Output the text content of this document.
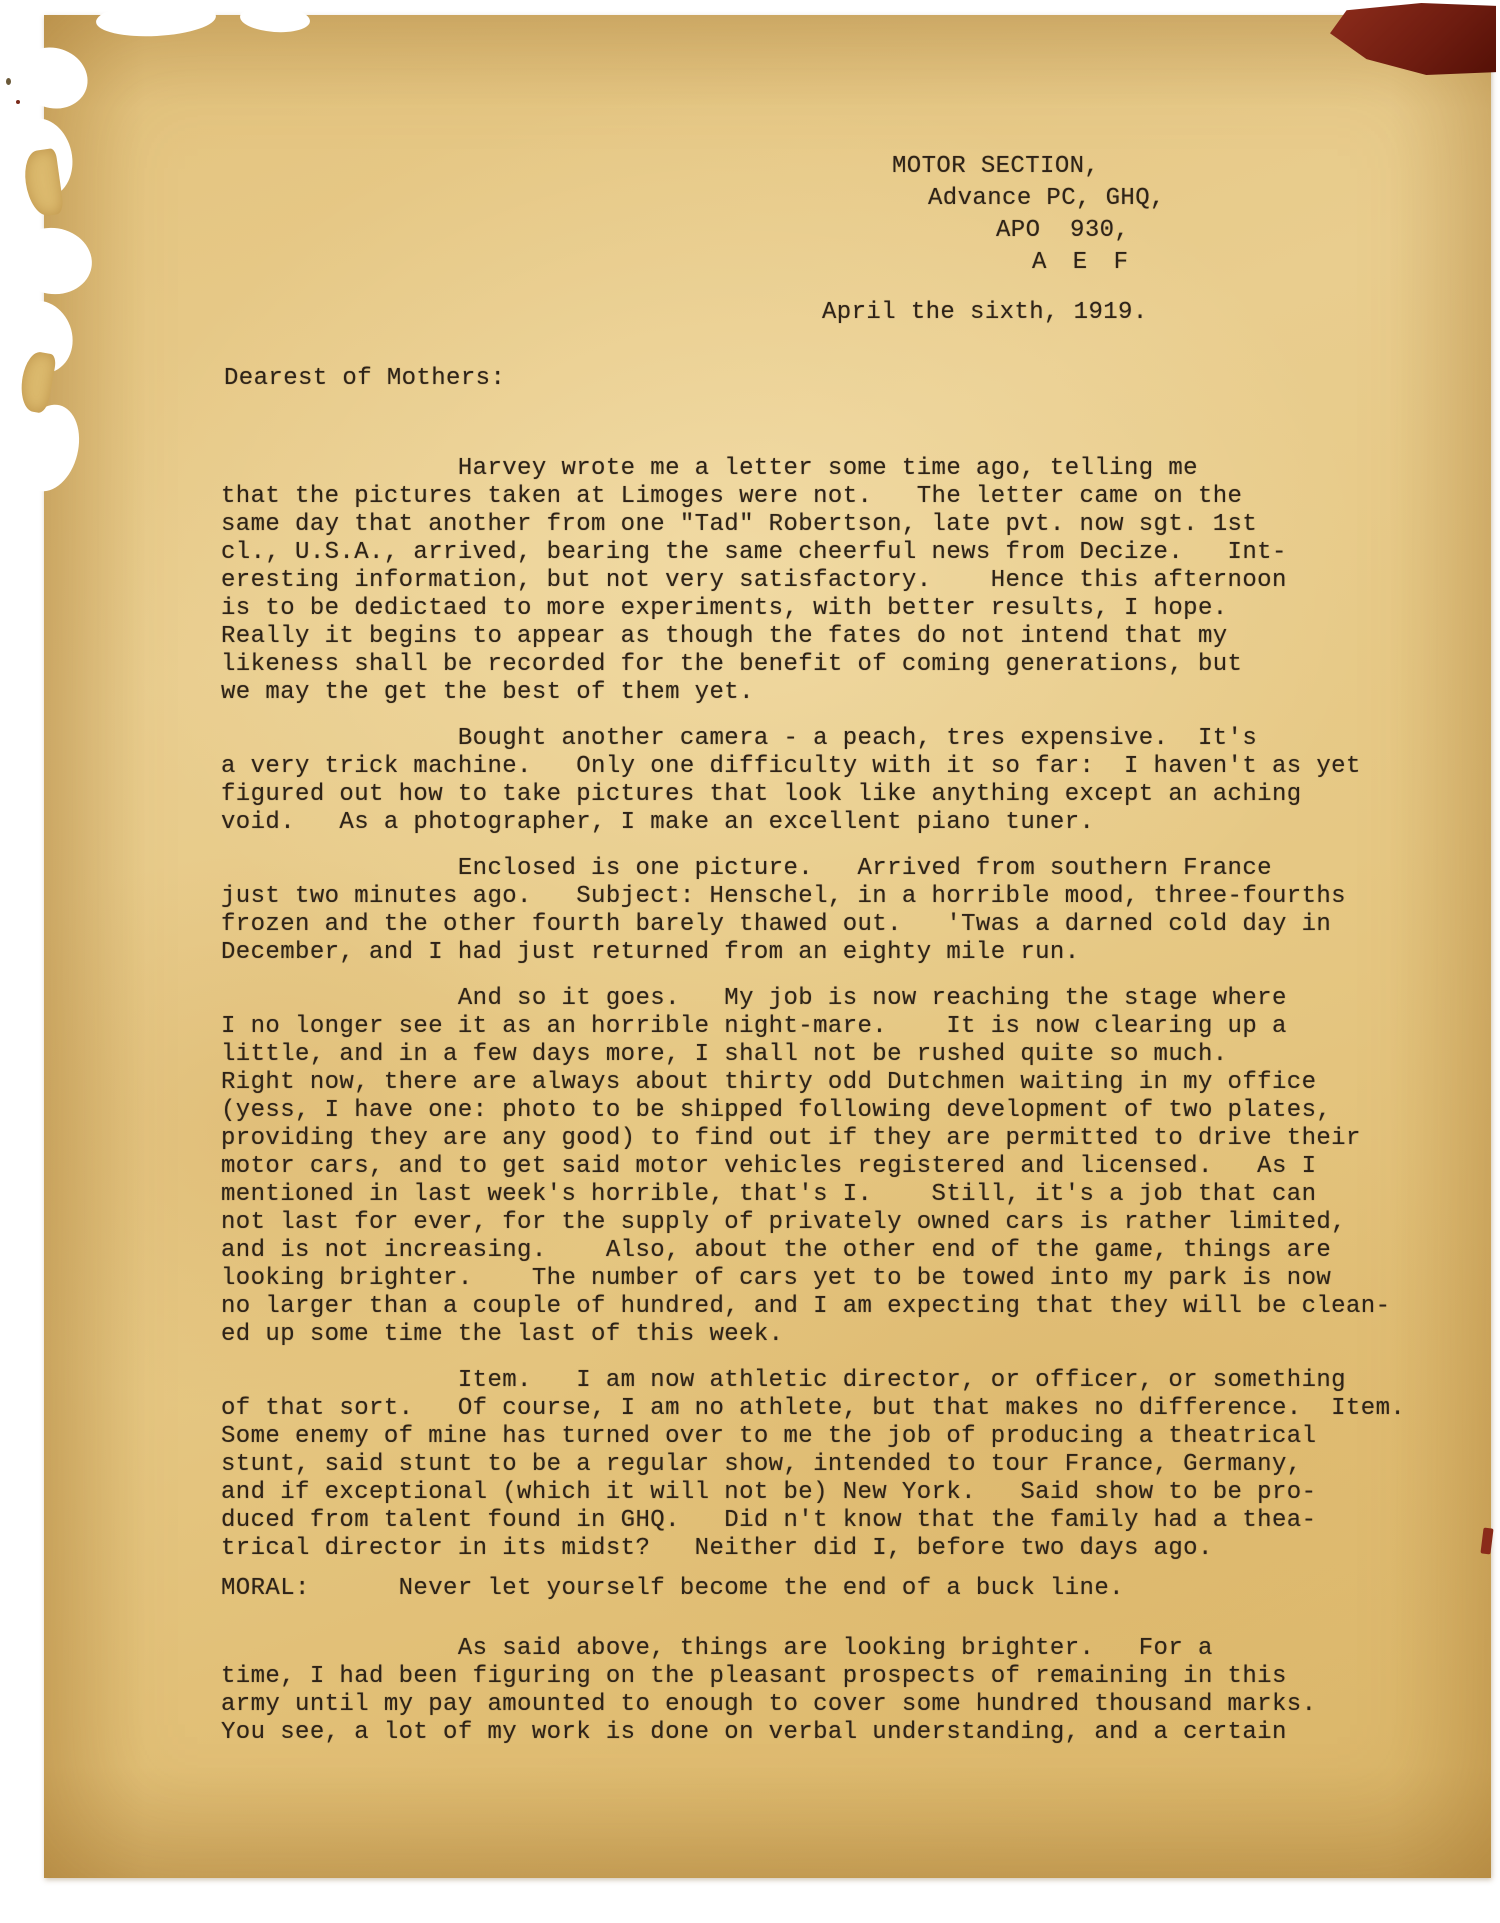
MOTOR SECTION,
Advance PC, GHQ,
APO  930,
A E F
April the sixth, 1919.
Dearest of Mothers:
Harvey wrote me a letter some time ago, telling me
that the pictures taken at Limoges were not.   The letter came on the
same day that another from one "Tad" Robertson, late pvt. now sgt. 1st
cl., U.S.A., arrived, bearing the same cheerful news from Decize.   Int-
eresting information, but not very satisfactory.    Hence this afternoon
is to be dedictaed to more experiments, with better results, I hope.
Really it begins to appear as though the fates do not intend that my
likeness shall be recorded for the benefit of coming generations, but
we may the get the best of them yet.
Bought another camera - a peach, tres expensive.  It's
a very trick machine.   Only one difficulty with it so far:  I haven't as yet
figured out how to take pictures that look like anything except an aching
void.   As a photographer, I make an excellent piano tuner.
Enclosed is one picture.   Arrived from southern France
just two minutes ago.   Subject: Henschel, in a horrible mood, three-fourths
frozen and the other fourth barely thawed out.   'Twas a darned cold day in
December, and I had just returned from an eighty mile run.
And so it goes.   My job is now reaching the stage where
I no longer see it as an horrible night-mare.    It is now clearing up a
little, and in a few days more, I shall not be rushed quite so much.
Right now, there are always about thirty odd Dutchmen waiting in my office
(yess, I have one: photo to be shipped following development of two plates,
providing they are any good) to find out if they are permitted to drive their
motor cars, and to get said motor vehicles registered and licensed.   As I
mentioned in last week's horrible, that's I.    Still, it's a job that can
not last for ever, for the supply of privately owned cars is rather limited,
and is not increasing.    Also, about the other end of the game, things are
looking brighter.    The number of cars yet to be towed into my park is now
no larger than a couple of hundred, and I am expecting that they will be clean-
ed up some time the last of this week.
Item.   I am now athletic director, or officer, or something
of that sort.   Of course, I am no athlete, but that makes no difference.  Item.
Some enemy of mine has turned over to me the job of producing a theatrical
stunt, said stunt to be a regular show, intended to tour France, Germany,
and if exceptional (which it will not be) New York.   Said show to be pro-
duced from talent found in GHQ.   Did n't know that the family had a thea-
trical director in its midst?   Neither did I, before two days ago.
MORAL:      Never let yourself become the end of a buck line.
As said above, things are looking brighter.   For a
time, I had been figuring on the pleasant prospects of remaining in this
army until my pay amounted to enough to cover some hundred thousand marks.
You see, a lot of my work is done on verbal understanding, and a certain
